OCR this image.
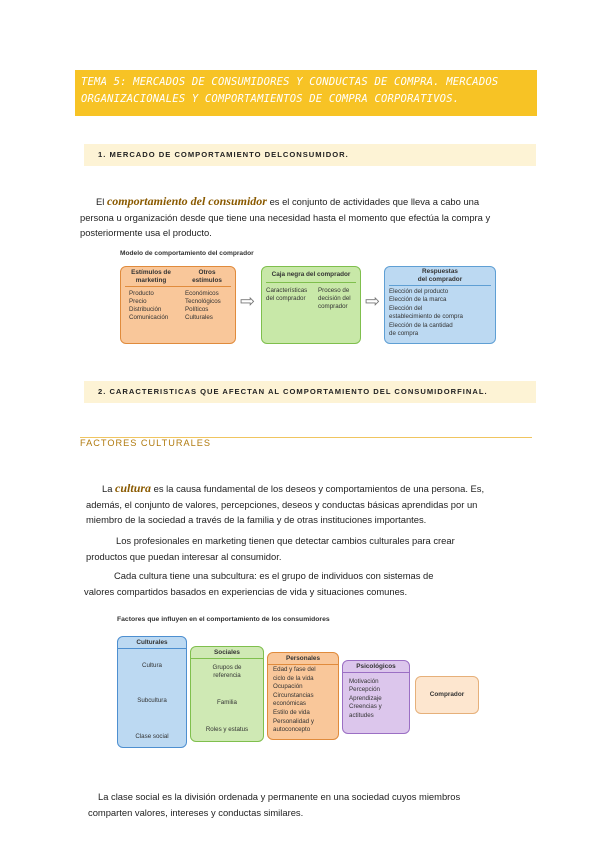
TEMA 5: MERCADOS DE CONSUMIDORES Y CONDUCTAS DE COMPRA. MERCADOS
ORGANIZACIONALES Y COMPORTAMIENTOS DE COMPRA CORPORATIVOS.
1. MERCADO DE COMPORTAMIENTO DELCONSUMIDOR.
El comportamiento del consumidor es el conjunto de actividades que lleva a cabo una
persona u organización desde que tiene una necesidad hasta el momento que efectúa la compra y
posteriormente usa el producto.
Modelo de comportamiento del comprador
Estímulos de
marketing
Otros
estímulos
Producto
Precio
Distribución
Comunicación
Económicos
Tecnológicos
Políticos
Culturales
⇨
Caja negra del comprador
Características
del comprador
Proceso de
decisión del
comprador ⇨
Respuestas
del comprador
Elección del producto
Elección de la marca
Elección del
establecimiento de compra
Elección de la cantidad
de compra
2. CARACTERISTICAS QUE AFECTAN AL COMPORTAMIENTO DEL CONSUMIDORFINAL.
FACTORES CULTURALES
La cultura es la causa fundamental de los deseos y comportamientos de una persona. Es,
además, el conjunto de valores, percepciones, deseos y conductas básicas aprendidas por un
miembro de la sociedad a través de la familia y de otras instituciones importantes.
Los profesionales en marketing tienen que detectar cambios culturales para crear
productos que puedan interesar al consumidor.
Cada cultura tiene una subcultura: es el grupo de individuos con sistemas de
valores compartidos basados en experiencias de vida y situaciones comunes.
Factores que influyen en el comportamiento de los consumidores
Culturales
Cultura
Subcultura
Clase social
Sociales
Grupos de
referencia
Familia
Roles y estatus
Personales
Edad y fase del
ciclo de la vida
Ocupación
Circunstancias
económicas
Estilo de vida
Personalidad y
autoconcepto
Psicológicos
Motivación
Percepción
Aprendizaje
Creencias y
actitudes
Comprador
La clase social es la división ordenada y permanente en una sociedad cuyos miembros
comparten valores, intereses y conductas similares.
